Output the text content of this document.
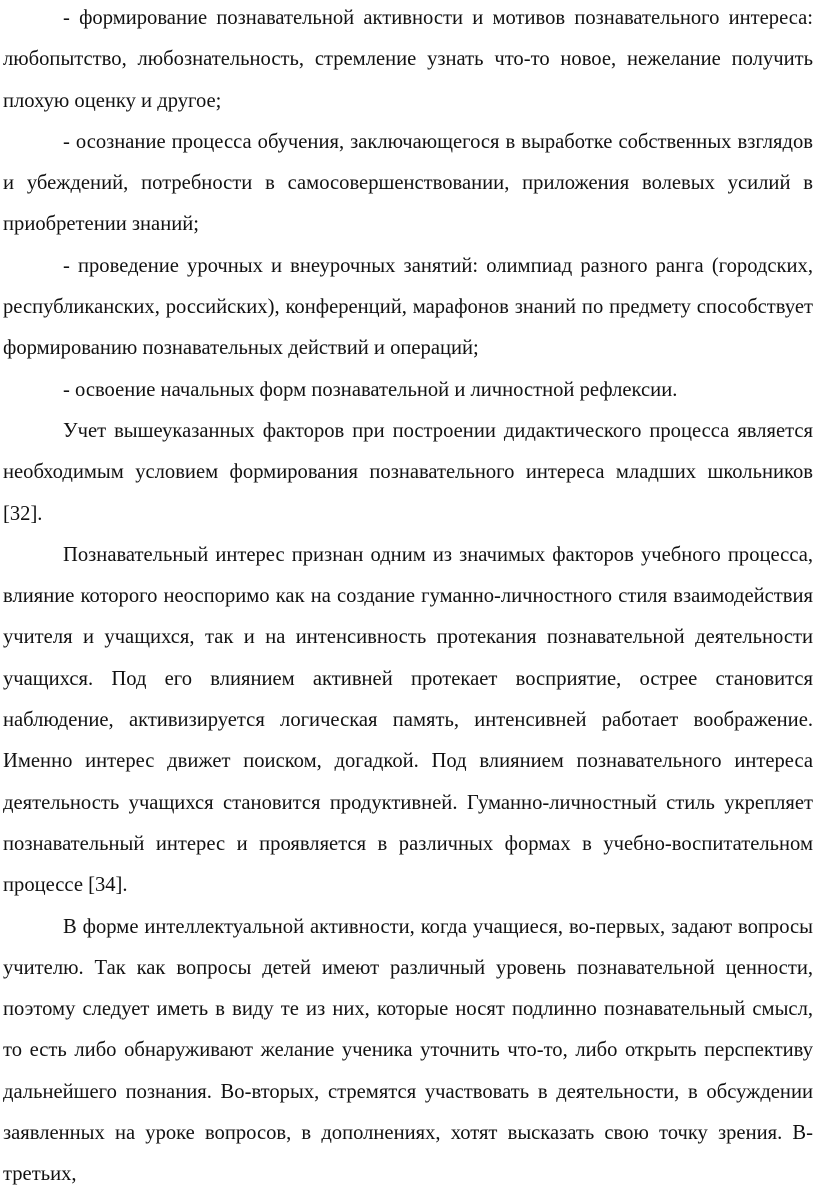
- формирование познавательной активности и мотивов познавательного интереса: любопытство, любознательность, стремление узнать что-то новое, нежелание получить плохую оценку и другое;

- осознание процесса обучения, заключающегося в выработке собственных взглядов и убеждений, потребности в самосовершенствовании, приложения волевых усилий в приобретении знаний;

- проведение урочных и внеурочных занятий: олимпиад разного ранга (городских, республиканских, российских), конференций, марафонов знаний по предмету способствует формированию познавательных действий и операций;

- освоение начальных форм познавательной и личностной рефлексии.

Учет вышеуказанных факторов при построении дидактического процесса является необходимым условием формирования познавательного интереса младших школьников [32].

Познавательный интерес признан одним из значимых факторов учебного процесса, влияние которого неоспоримо как на создание гуманно-личностного стиля взаимодействия учителя и учащихся, так и на интенсивность протекания познавательной деятельности учащихся. Под его влиянием активней протекает восприятие, острее становится наблюдение, активизируется логическая память, интенсивней работает воображение. Именно интерес движет поиском, догадкой. Под влиянием познавательного интереса деятельность учащихся становится продуктивней. Гуманно-личностный стиль укрепляет познавательный интерес и проявляется в различных формах в учебно-воспитательном процессе [34].

В форме интеллектуальной активности, когда учащиеся, во-первых, задают вопросы учителю. Так как вопросы детей имеют различный уровень познавательной ценности, поэтому следует иметь в виду те из них, которые носят подлинно познавательный смысл, то есть либо обнаруживают желание ученика уточнить что-то, либо открыть перспективу дальнейшего познания. Во-вторых, стремятся участвовать в деятельности, в обсуждении заявленных на уроке вопросов, в дополнениях, хотят высказать свою точку зрения. В-третьих,
